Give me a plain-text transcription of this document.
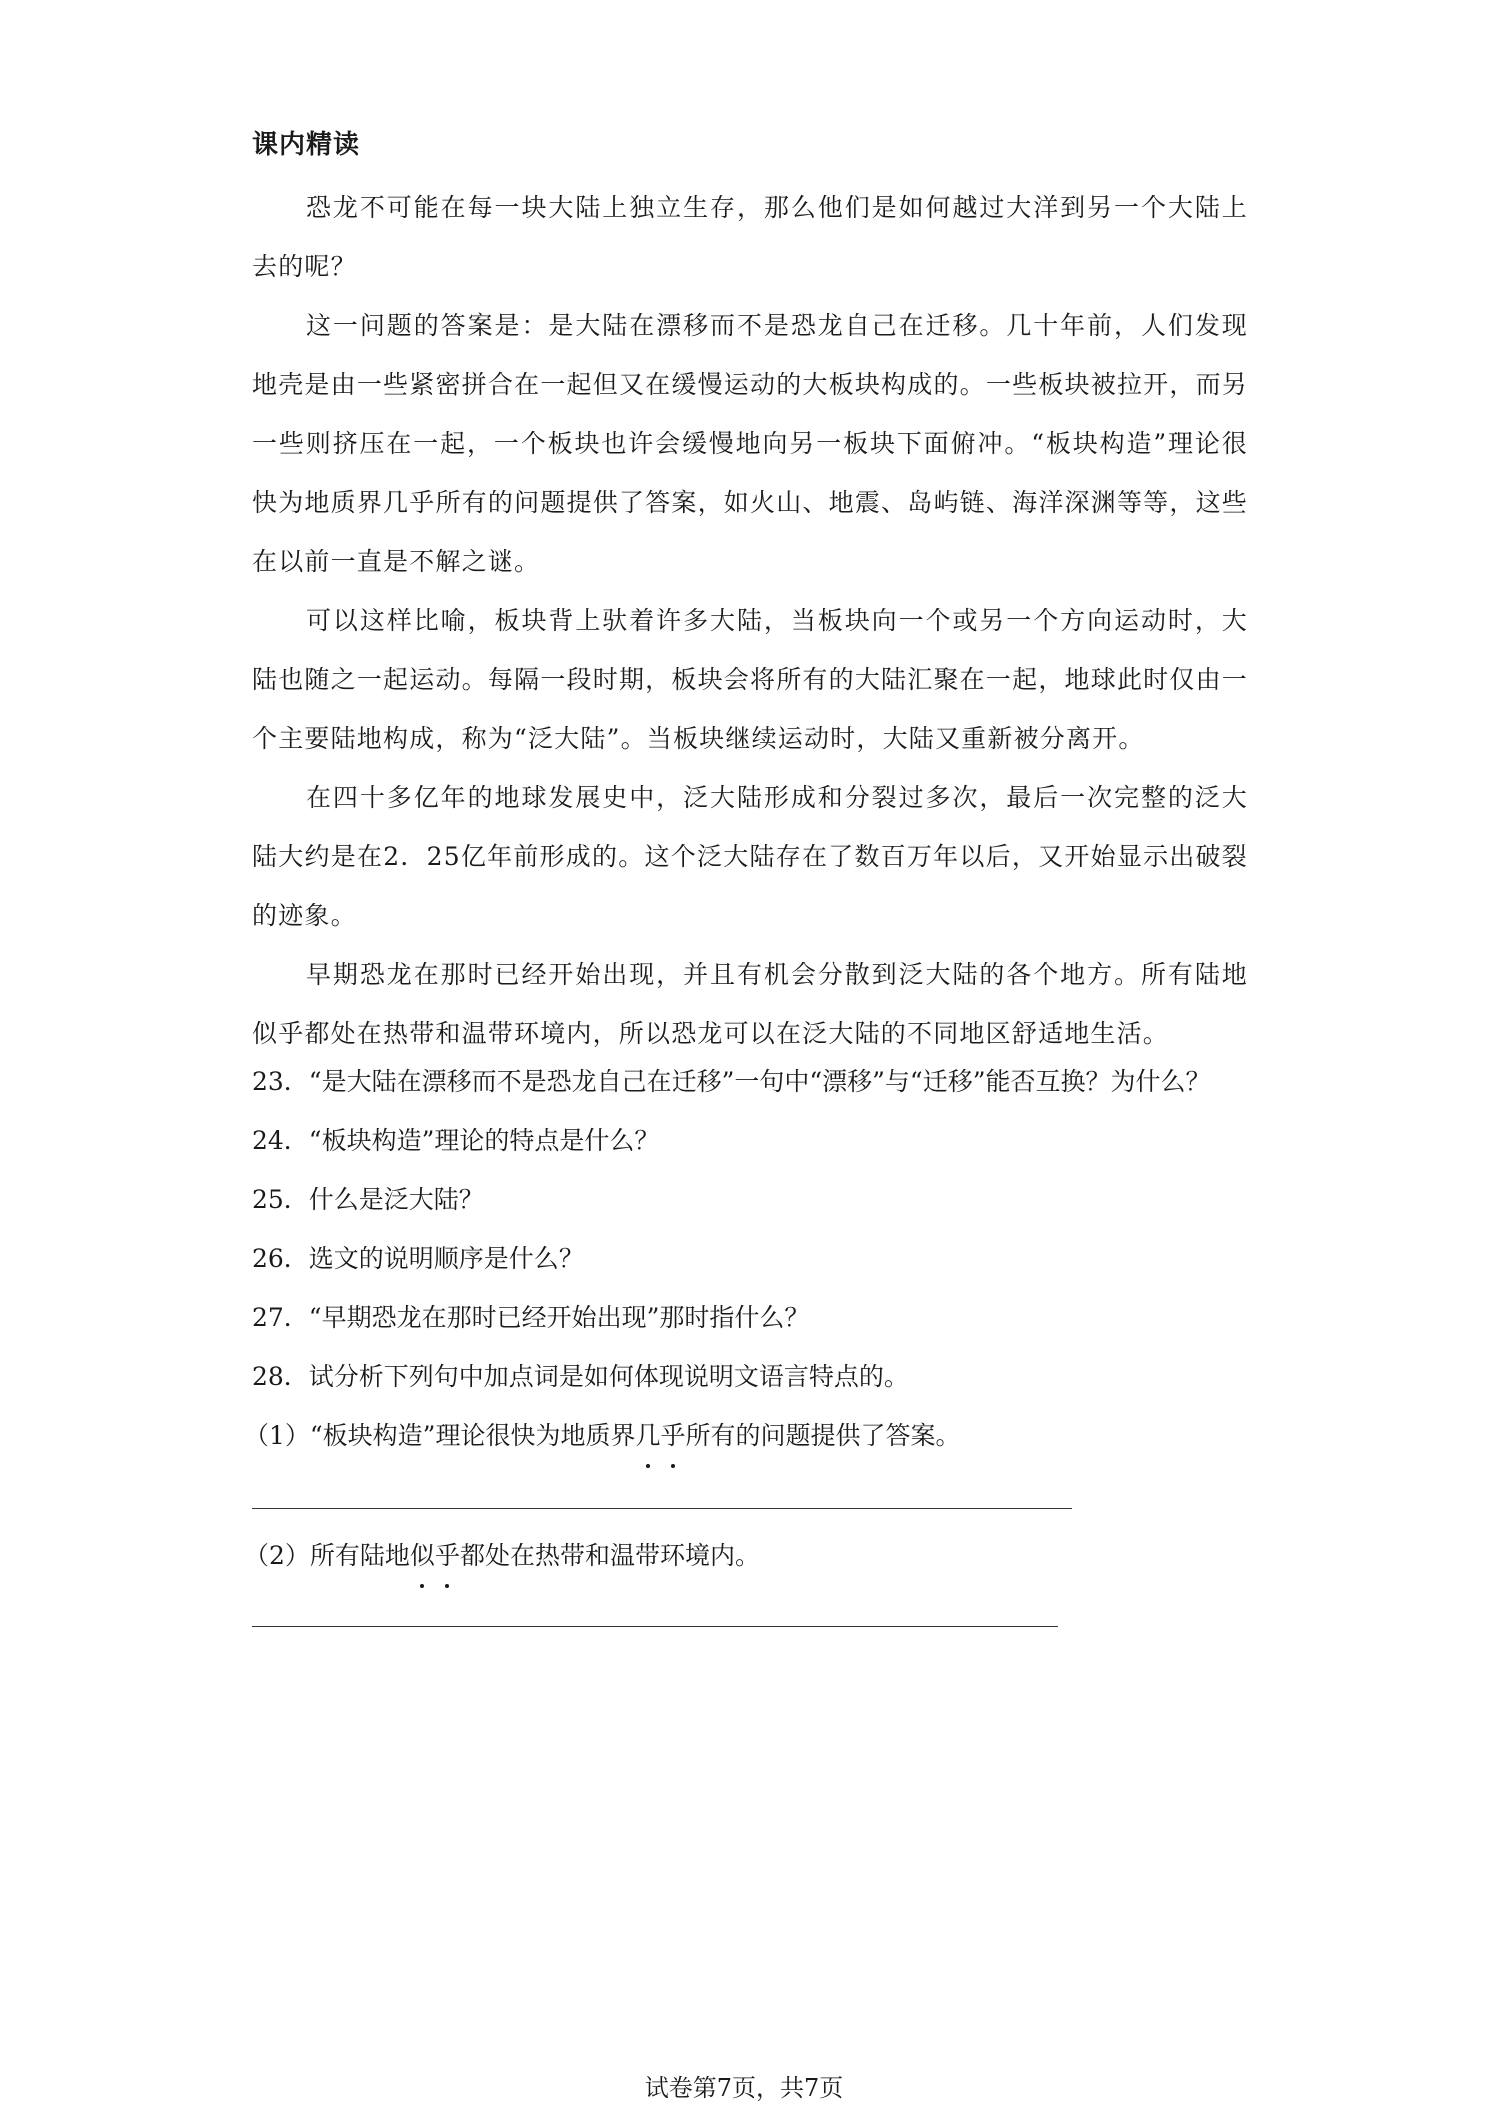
课内精读

恐龙不可能在每一块大陆上独立生存，那么他们是如何越过大洋到另一个大陆上去的呢？

这一问题的答案是：是大陆在漂移而不是恐龙自己在迁移。几十年前，人们发现地壳是由一些紧密拼合在一起但又在缓慢运动的大板块构成的。一些板块被拉开，而另一些则挤压在一起，一个板块也许会缓慢地向另一板块下面俯冲。“板块构造”理论很快为地质界几乎所有的问题提供了答案，如火山、地震、岛屿链、海洋深渊等等，这些在以前一直是不解之谜。

可以这样比喻，板块背上驮着许多大陆，当板块向一个或另一个方向运动时，大陆也随之一起运动。每隔一段时期，板块会将所有的大陆汇聚在一起，地球此时仅由一个主要陆地构成，称为“泛大陆”。当板块继续运动时，大陆又重新被分离开。

在四十多亿年的地球发展史中，泛大陆形成和分裂过多次，最后一次完整的泛大陆大约是在2．25亿年前形成的。这个泛大陆存在了数百万年以后，又开始显示出破裂的迹象。

早期恐龙在那时已经开始出现，并且有机会分散到泛大陆的各个地方。所有陆地似乎都处在热带和温带环境内，所以恐龙可以在泛大陆的不同地区舒适地生活。

23．“是大陆在漂移而不是恐龙自己在迁移”一句中“漂移”与“迁移”能否互换？为什么？
24．“板块构造”理论的特点是什么？
25．什么是泛大陆？
26．选文的说明顺序是什么？
27．“早期恐龙在那时已经开始出现”那时指什么？
28．试分析下列句中加点词是如何体现说明文语言特点的。
（1）“板块构造”理论很快为地质界几乎所有的问题提供了答案。
（2）所有陆地似乎都处在热带和温带环境内。
试卷第7页，共7页
